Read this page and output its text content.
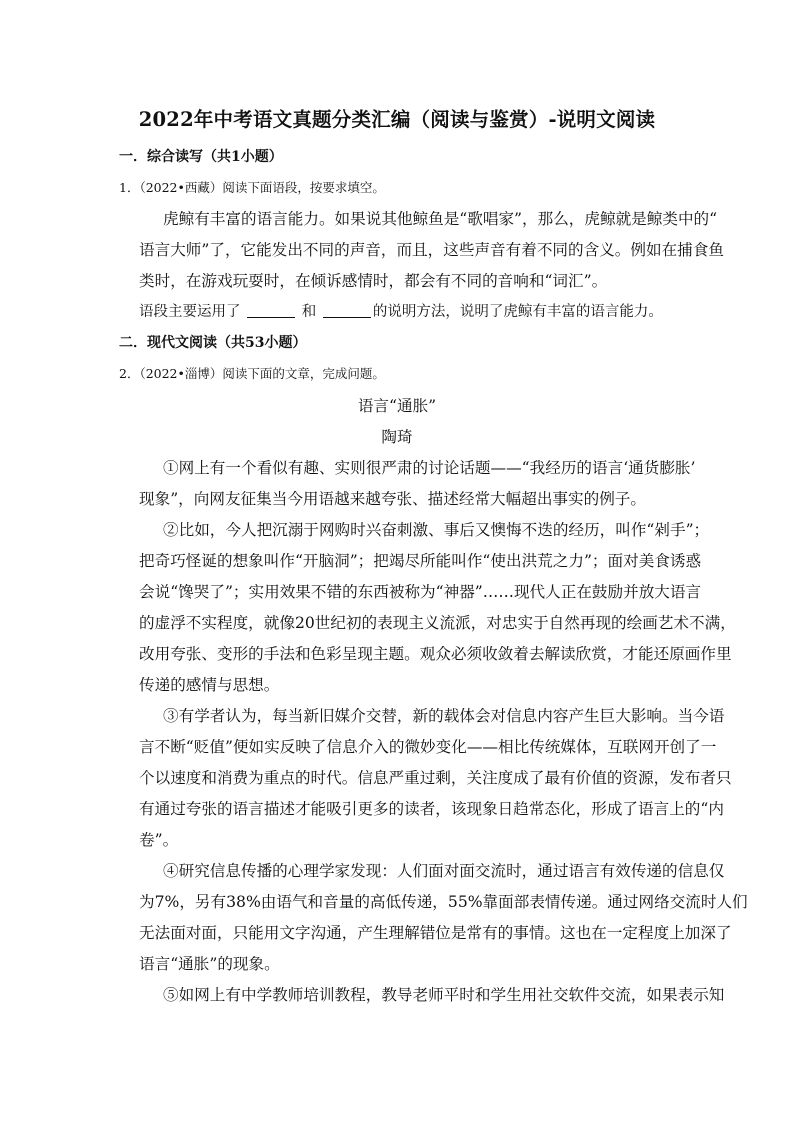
2022年中考语文真题分类汇编（阅读与鉴赏）-说明文阅读
一．综合读写（共1小题）
1．（2022•西藏）阅读下面语段，按要求填空。
虎鲸有丰富的语言能力。如果说其他鲸鱼是“歌唱家”，那么，虎鲸就是鲸类中的“
语言大师”了，它能发出不同的声音，而且，这些声音有着不同的含义。例如在捕食鱼
类时，在游戏玩耍时，在倾诉感情时，都会有不同的音响和“词汇”。
语段主要运用了	和	的说明方法，说明了虎鲸有丰富的语言能力。
二．现代文阅读（共53小题）
2．（2022•淄博）阅读下面的文章，完成问题。
语言“通胀”
陶琦
①网上有一个看似有趣、实则很严肃的讨论话题——“我经历的语言‘通货膨胀’
现象”，向网友征集当今用语越来越夸张、描述经常大幅超出事实的例子。
②比如，今人把沉溺于网购时兴奋刺激、事后又懊悔不迭的经历，叫作“剁手”；
把奇巧怪诞的想象叫作“开脑洞”；把竭尽所能叫作“使出洪荒之力”；面对美食诱惑
会说“馋哭了”；实用效果不错的东西被称为“神器”……现代人正在鼓励并放大语言
的虚浮不实程度，就像20世纪初的表现主义流派，对忠实于自然再现的绘画艺术不满，
改用夸张、变形的手法和色彩呈现主题。观众必须收敛着去解读欣赏，才能还原画作里
传递的感情与思想。
③有学者认为，每当新旧媒介交替，新的载体会对信息内容产生巨大影响。当今语
言不断“贬值”便如实反映了信息介入的微妙变化——相比传统媒体，互联网开创了一
个以速度和消费为重点的时代。信息严重过剩，关注度成了最有价值的资源，发布者只
有通过夸张的语言描述才能吸引更多的读者，该现象日趋常态化，形成了语言上的“内
卷”。
④研究信息传播的心理学家发现：人们面对面交流时，通过语言有效传递的信息仅
为7%，另有38%由语气和音量的高低传递，55%靠面部表情传递。通过网络交流时人们
无法面对面，只能用文字沟通，产生理解错位是常有的事情。这也在一定程度上加深了
语言“通胀”的现象。
⑤如网上有中学教师培训教程，教导老师平时和学生用社交软件交流，如果表示知
